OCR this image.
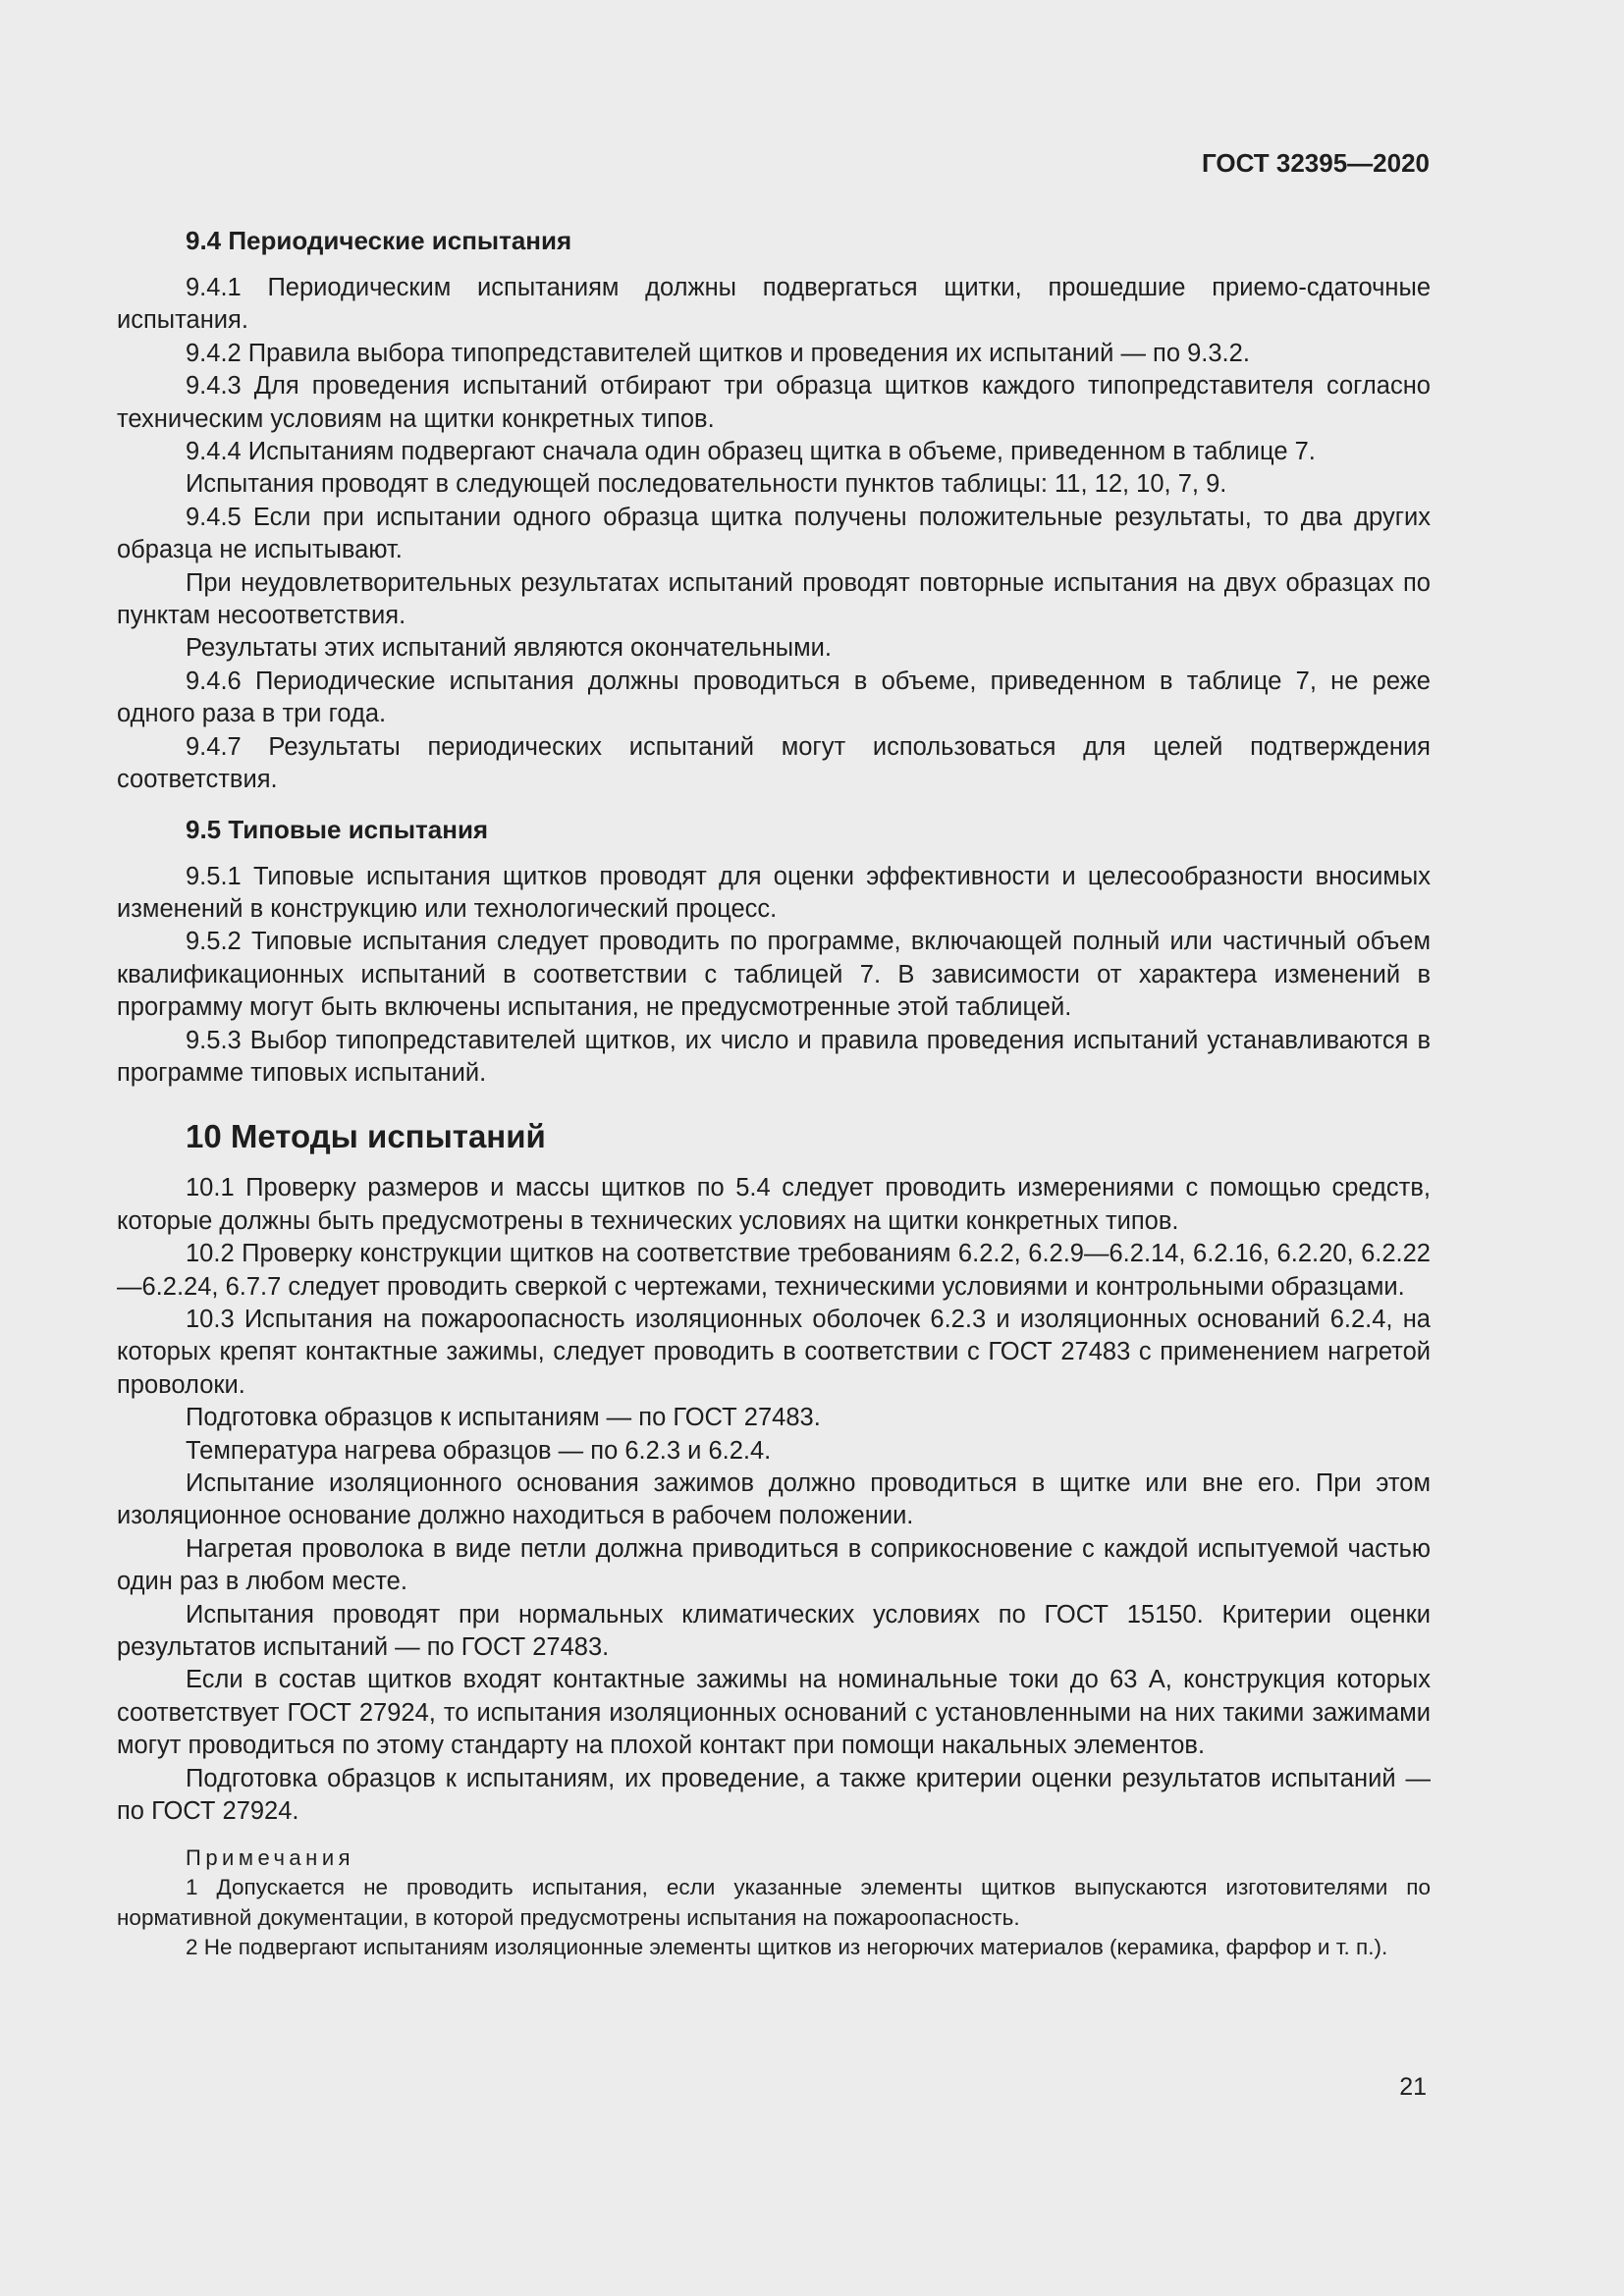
ГОСТ 32395—2020

9.4 Периодические испытания

9.4.1 Периодическим испытаниям должны подвергаться щитки, прошедшие приемо-сдаточные испытания.

9.4.2 Правила выбора типопредставителей щитков и проведения их испытаний — по 9.3.2.

9.4.3 Для проведения испытаний отбирают три образца щитков каждого типопредставителя согласно техническим условиям на щитки конкретных типов.

9.4.4 Испытаниям подвергают сначала один образец щитка в объеме, приведенном в таблице 7.

Испытания проводят в следующей последовательности пунктов таблицы: 11, 12, 10, 7, 9.

9.4.5 Если при испытании одного образца щитка получены положительные результаты, то два других образца не испытывают.

При неудовлетворительных результатах испытаний проводят повторные испытания на двух образцах по пунктам несоответствия.

Результаты этих испытаний являются окончательными.

9.4.6 Периодические испытания должны проводиться в объеме, приведенном в таблице 7, не реже одного раза в три года.

9.4.7 Результаты периодических испытаний могут использоваться для целей подтверждения соответствия.

9.5 Типовые испытания

9.5.1 Типовые испытания щитков проводят для оценки эффективности и целесообразности вносимых изменений в конструкцию или технологический процесс.

9.5.2 Типовые испытания следует проводить по программе, включающей полный или частичный объем квалификационных испытаний в соответствии с таблицей 7. В зависимости от характера изменений в программу могут быть включены испытания, не предусмотренные этой таблицей.

9.5.3 Выбор типопредставителей щитков, их число и правила проведения испытаний устанавливаются в программе типовых испытаний.

10 Методы испытаний

10.1 Проверку размеров и массы щитков по 5.4 следует проводить измерениями с помощью средств, которые должны быть предусмотрены в технических условиях на щитки конкретных типов.

10.2 Проверку конструкции щитков на соответствие требованиям 6.2.2, 6.2.9—6.2.14, 6.2.16, 6.2.20, 6.2.22—6.2.24, 6.7.7 следует проводить сверкой с чертежами, техническими условиями и контрольными образцами.

10.3 Испытания на пожароопасность изоляционных оболочек 6.2.3 и изоляционных оснований 6.2.4, на которых крепят контактные зажимы, следует проводить в соответствии с ГОСТ 27483 с применением нагретой проволоки.

Подготовка образцов к испытаниям — по ГОСТ 27483.

Температура нагрева образцов — по 6.2.3 и 6.2.4.

Испытание изоляционного основания зажимов должно проводиться в щитке или вне его. При этом изоляционное основание должно находиться в рабочем положении.

Нагретая проволока в виде петли должна приводиться в соприкосновение с каждой испытуемой частью один раз в любом месте.

Испытания проводят при нормальных климатических условиях по ГОСТ 15150. Критерии оценки результатов испытаний — по ГОСТ 27483.

Если в состав щитков входят контактные зажимы на номинальные токи до 63 А, конструкция которых соответствует ГОСТ 27924, то испытания изоляционных оснований с установленными на них такими зажимами могут проводиться по этому стандарту на плохой контакт при помощи накальных элементов.

Подготовка образцов к испытаниям, их проведение, а также критерии оценки результатов испытаний — по ГОСТ 27924.

Примечания

1 Допускается не проводить испытания, если указанные элементы щитков выпускаются изготовителями по нормативной документации, в которой предусмотрены испытания на пожароопасность.

2 Не подвергают испытаниям изоляционные элементы щитков из негорючих материалов (керамика, фарфор и т. п.).

21
